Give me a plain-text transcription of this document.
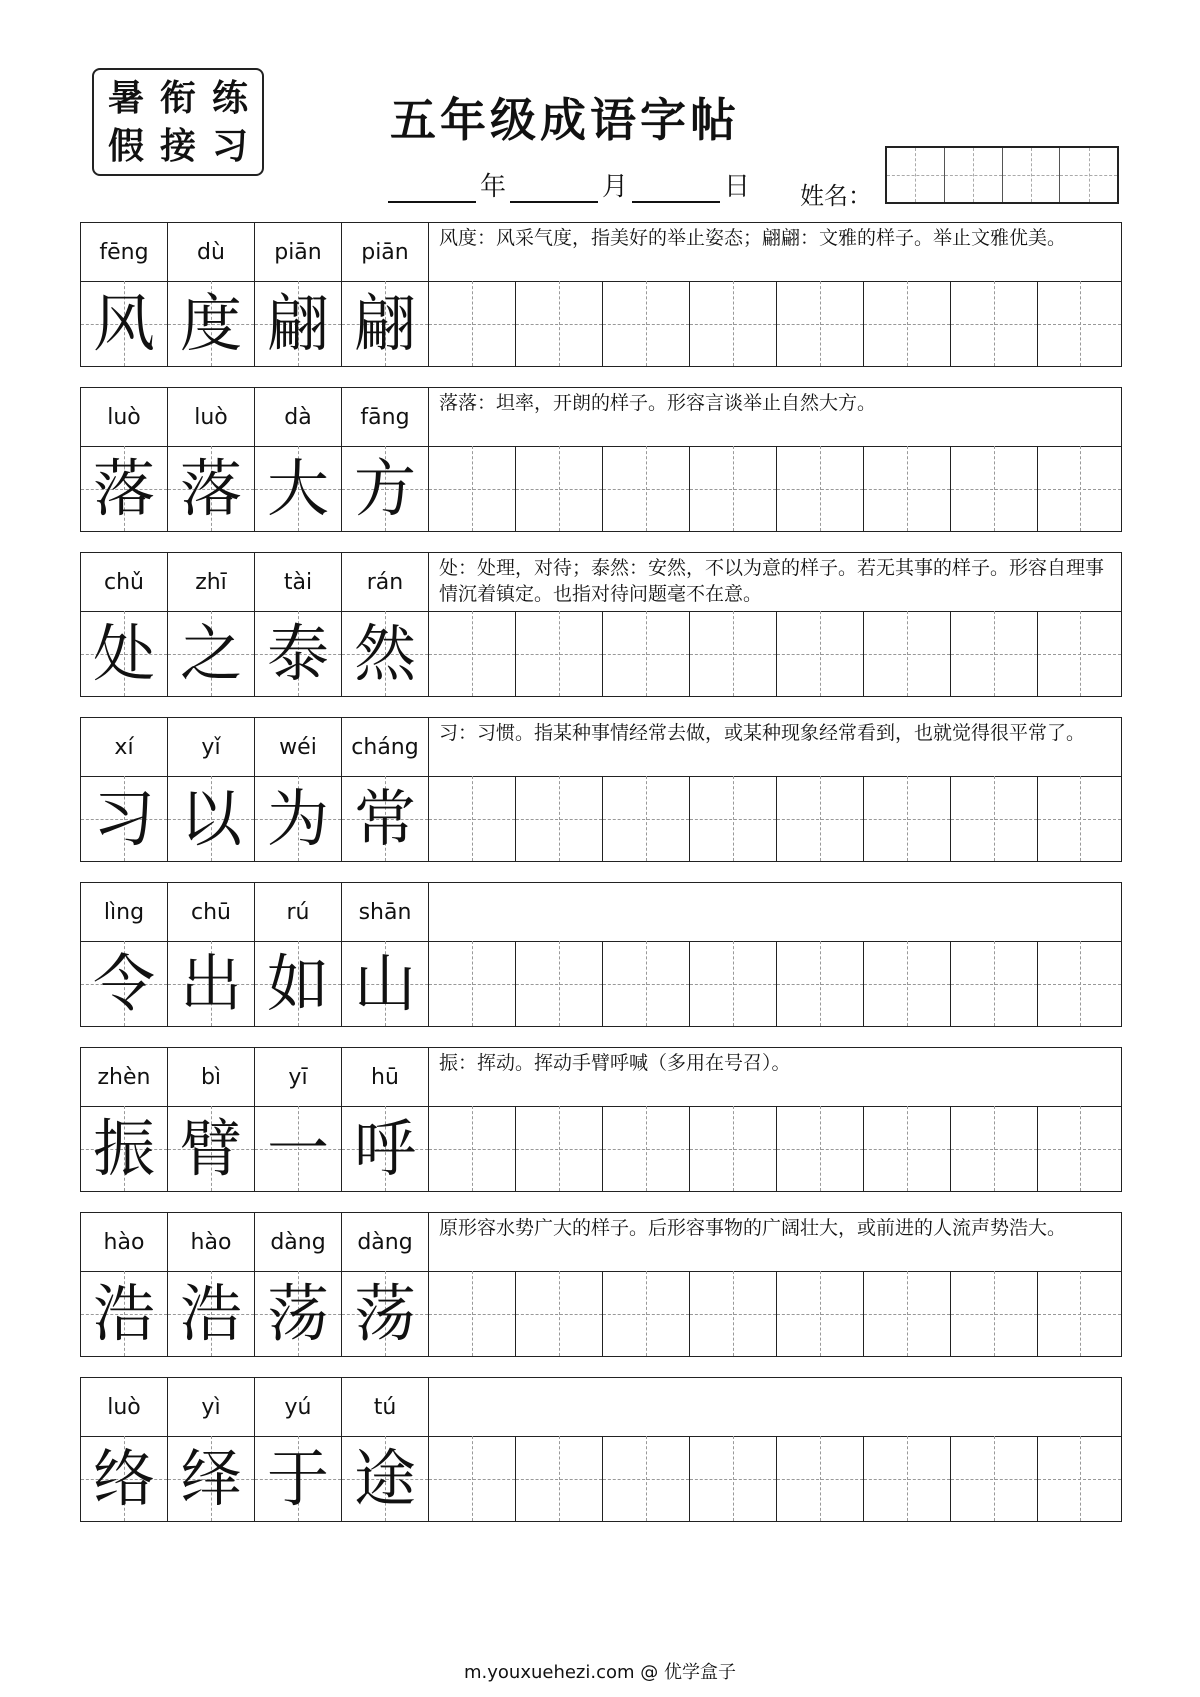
暑 衔 练
假 接 习	五年级成语字帖
年	月	日 姓名：
fēng	dù	piān	piān
风度：风采气度，指美好的举止姿态；翩翩：文雅的样子。举止文雅优美。
风 度 翩 翩
luò	luò	dà	fāng
落落：坦率，开朗的样子。形容言谈举止自然大方。
落 落 大 方
chǔ	zhī	tài	rán
处：处理，对待；泰然：安然，不以为意的样子。若无其事的样子。形容自理事情沉着镇定。也指对待问题毫不在意。
处 之 泰 然
xí	yǐ	wéi	cháng
习：习惯。指某种事情经常去做，或某种现象经常看到，也就觉得很平常了。
习 以 为 常
lìng	chū	rú	shān
令 出 如 山
zhèn	bì	yī	hū
振：挥动。挥动手臂呼喊（多用在号召）。
振 臂 一 呼
hào	hào	dàng	dàng
原形容水势广大的样子。后形容事物的广阔壮大，或前进的人流声势浩大。
浩 浩 荡 荡
luò	yì	yú	tú
络 绎 于 途
m.youxuehezi.com @ 优学盒子
